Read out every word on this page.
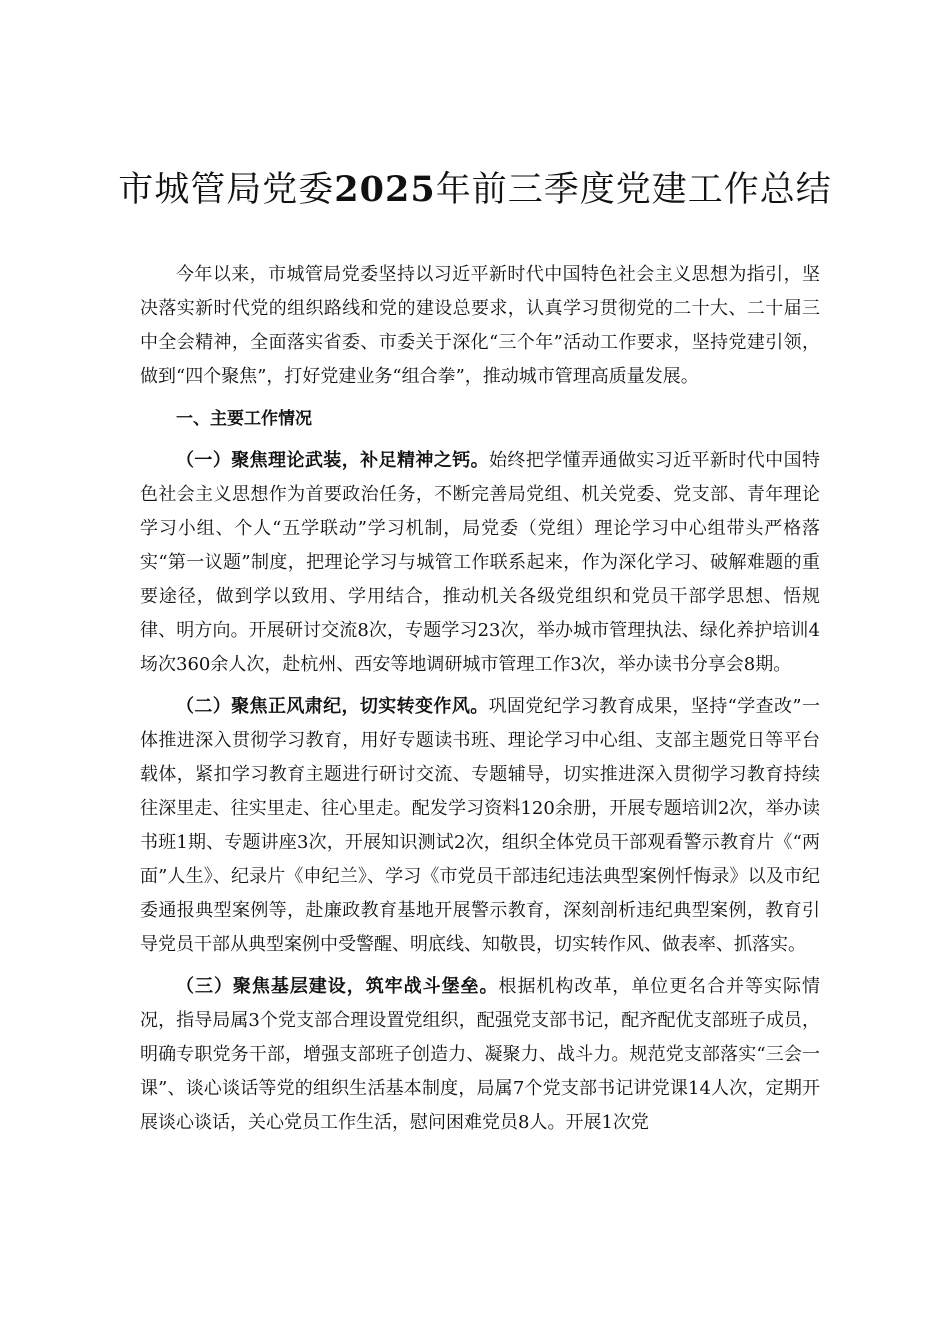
市城管局党委2025年前三季度党建工作总结

今年以来，市城管局党委坚持以习近平新时代中国特色社会主义思想为指引，坚决落实新时代党的组织路线和党的建设总要求，认真学习贯彻党的二十大、二十届三中全会精神，全面落实省委、市委关于深化“三个年”活动工作要求，坚持党建引领，做到“四个聚焦”，打好党建业务“组合拳”，推动城市管理高质量发展。

一、主要工作情况

（一）聚焦理论武装，补足精神之钙。始终把学懂弄通做实习近平新时代中国特色社会主义思想作为首要政治任务，不断完善局党组、机关党委、党支部、青年理论学习小组、个人“五学联动”学习机制，局党委（党组）理论学习中心组带头严格落实“第一议题”制度，把理论学习与城管工作联系起来，作为深化学习、破解难题的重要途径，做到学以致用、学用结合，推动机关各级党组织和党员干部学思想、悟规律、明方向。开展研讨交流8次，专题学习23次，举办城市管理执法、绿化养护培训4场次360余人次，赴杭州、西安等地调研城市管理工作3次，举办读书分享会8期。

（二）聚焦正风肃纪，切实转变作风。巩固党纪学习教育成果，坚持“学查改”一体推进深入贯彻学习教育，用好专题读书班、理论学习中心组、支部主题党日等平台载体，紧扣学习教育主题进行研讨交流、专题辅导，切实推进深入贯彻学习教育持续往深里走、往实里走、往心里走。配发学习资料120余册，开展专题培训2次，举办读书班1期、专题讲座3次，开展知识测试2次，组织全体党员干部观看警示教育片《“两面”人生》、纪录片《申纪兰》、学习《市党员干部违纪违法典型案例忏悔录》以及市纪委通报典型案例等，赴廉政教育基地开展警示教育，深刻剖析违纪典型案例，教育引导党员干部从典型案例中受警醒、明底线、知敬畏，切实转作风、做表率、抓落实。

（三）聚焦基层建设，筑牢战斗堡垒。根据机构改革，单位更名合并等实际情况，指导局属3个党支部合理设置党组织，配强党支部书记，配齐配优支部班子成员，明确专职党务干部，增强支部班子创造力、凝聚力、战斗力。规范党支部落实“三会一课”、谈心谈话等党的组织生活基本制度，局属7个党支部书记讲党课14人次，定期开展谈心谈话，关心党员工作生活，慰问困难党员8人。开展1次党
